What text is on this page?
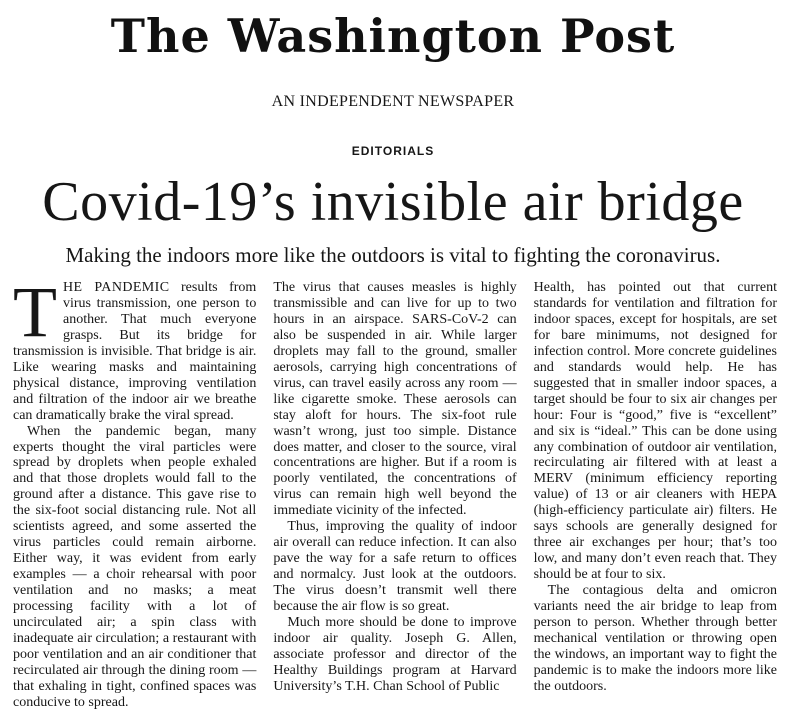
The Washington Post
AN INDEPENDENT NEWSPAPER
EDITORIALS
Covid-19’s invisible air bridge
Making the indoors more like the outdoors is vital to fighting the coronavirus.

THE PANDEMIC results from virus transmission, one person to another. That much everyone grasps. But its bridge for transmission is invisible. That bridge is air. Like wearing masks and maintaining physical distance, improving ventilation and filtration of the indoor air we breathe can dramatically brake the viral spread.

When the pandemic began, many experts thought the viral particles were spread by droplets when people exhaled and that those droplets would fall to the ground after a distance. This gave rise to the six-foot social distancing rule. Not all scientists agreed, and some asserted the virus particles could remain airborne. Either way, it was evident from early examples — a choir rehearsal with poor ventilation and no masks; a meat processing facility with a lot of uncirculated air; a spin class with inadequate air circulation; a restaurant with poor ventilation and an air conditioner that recirculated air through the dining room — that exhaling in tight, confined spaces was conducive to spread.

The virus that causes measles is highly transmissible and can live for up to two hours in an airspace. SARS-CoV-2 can also be suspended in air. While larger droplets may fall to the ground, smaller aerosols, carrying high concentrations of virus, can travel easily across any room — like cigarette smoke. These aerosols can stay aloft for hours. The six-foot rule wasn’t wrong, just too simple. Distance does matter, and closer to the source, viral concentrations are higher. But if a room is poorly ventilated, the concentrations of virus can remain high well beyond the immediate vicinity of the infected.

Thus, improving the quality of indoor air overall can reduce infection. It can also pave the way for a safe return to offices and normalcy. Just look at the outdoors. The virus doesn’t transmit well there because the air flow is so great.

Much more should be done to improve indoor air quality. Joseph G. Allen, associate professor and director of the Healthy Buildings program at Harvard University’s T.H. Chan School of Public

Health, has pointed out that current standards for ventilation and filtration for indoor spaces, except for hospitals, are set for bare minimums, not designed for infection control. More concrete guidelines and standards would help. He has suggested that in smaller indoor spaces, a target should be four to six air changes per hour: Four is “good,” five is “excellent” and six is “ideal.” This can be done using any combination of outdoor air ventilation, recirculating air filtered with at least a MERV (minimum efficiency reporting value) of 13 or air cleaners with HEPA (high-efficiency particulate air) filters. He says schools are generally designed for three air exchanges per hour; that’s too low, and many don’t even reach that. They should be at four to six.

The contagious delta and omicron variants need the air bridge to leap from person to person. Whether through better mechanical ventilation or throwing open the windows, an important way to fight the pandemic is to make the indoors more like the outdoors.
